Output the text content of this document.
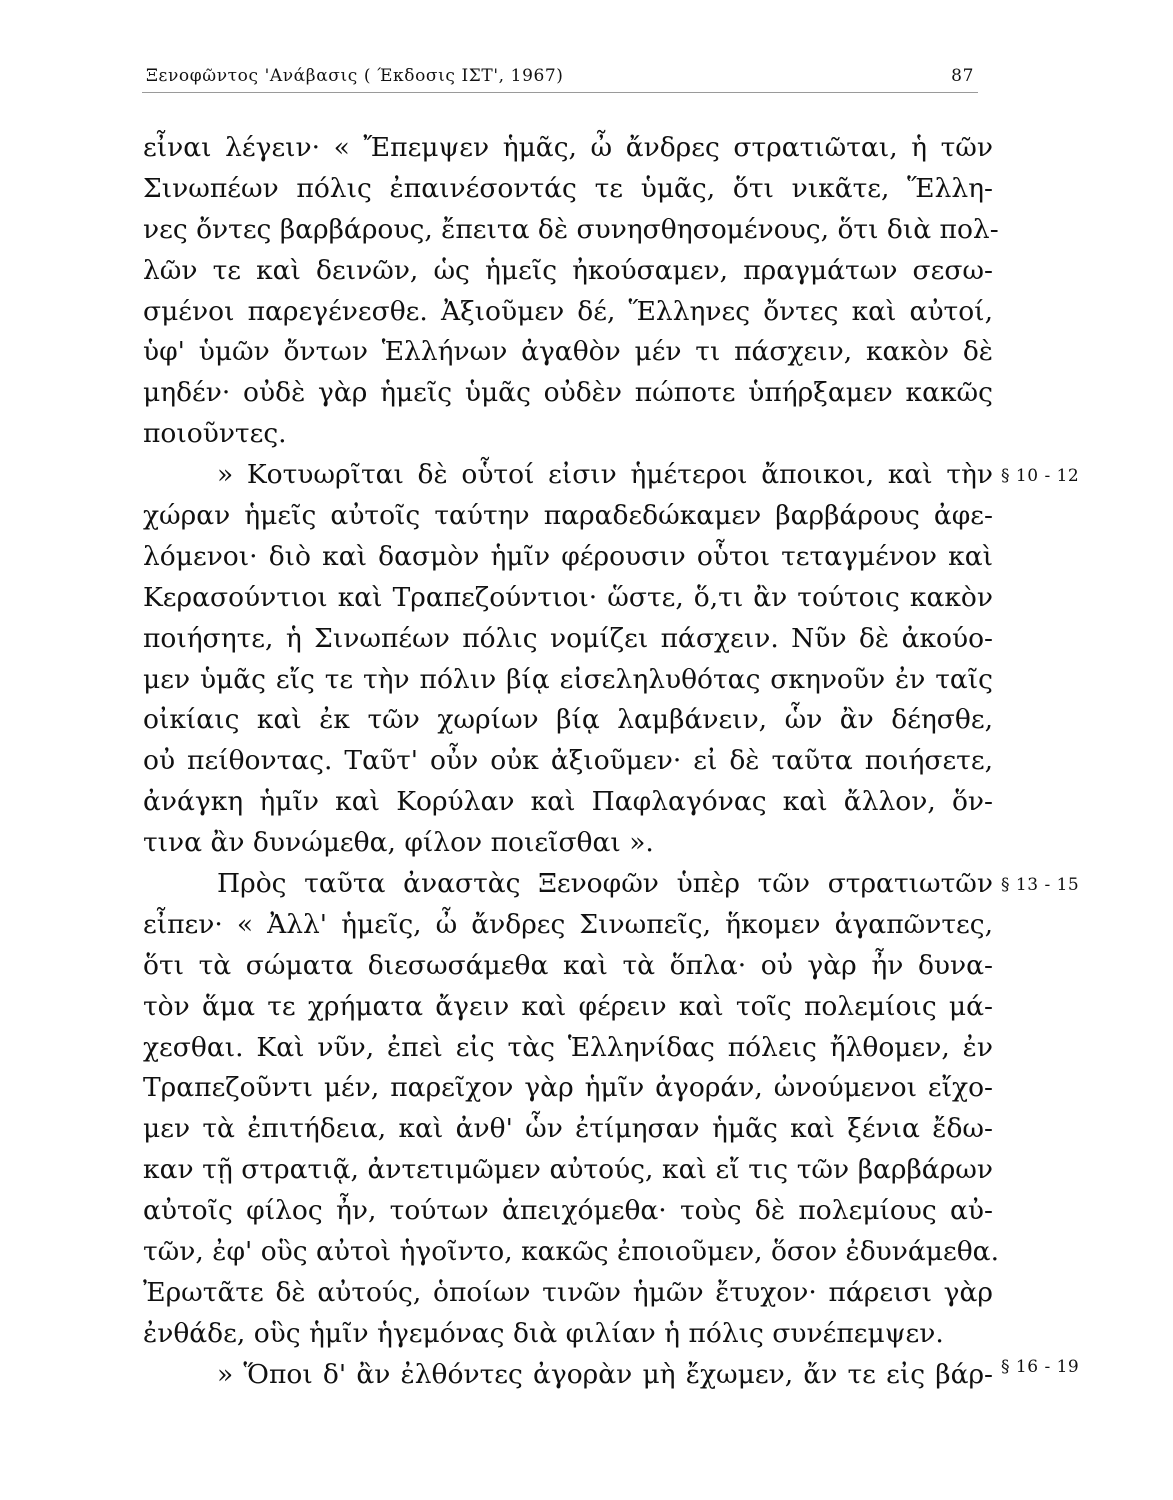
Ξενοφῶντος 'Ανάβασις ( Έκδοσις ΙΣΤ', 1967)	87
εἶναι λέγειν· « Ἔπεμψεν ἡμᾶς, ὦ ἄνδρες στρατιῶται, ἡ τῶν
Σινωπέων πόλις ἐπαινέσοντάς τε ὑμᾶς, ὅτι νικᾶτε, Ἕλλη-
νες ὄντες βαρβάρους, ἔπειτα δὲ συνησθησομένους, ὅτι διὰ πολ-
λῶν τε καὶ δεινῶν, ὡς ἡμεῖς ἠκούσαμεν, πραγμάτων σεσω-
σμένοι παρεγένεσθε. Ἀξιοῦμεν δέ, Ἕλληνες ὄντες καὶ αὐτοί,
ὑφ' ὑμῶν ὄντων Ἑλλήνων ἀγαθὸν μέν τι πάσχειν, κακὸν δὲ
μηδέν· οὐδὲ γὰρ ἡμεῖς ὑμᾶς οὐδὲν πώποτε ὑπήρξαμεν κακῶς
ποιοῦντες.
» Κοτυωρῖται δὲ οὗτοί εἰσιν ἡμέτεροι ἄποικοι, καὶ τὴν
χώραν ἡμεῖς αὐτοῖς ταύτην παραδεδώκαμεν βαρβάρους ἀφε-
λόμενοι· διὸ καὶ δασμὸν ἡμῖν φέρουσιν οὗτοι τεταγμένον καὶ
Κερασούντιοι καὶ Τραπεζούντιοι· ὥστε, ὅ,τι ἂν τούτοις κακὸν
ποιήσητε, ἡ Σινωπέων πόλις νομίζει πάσχειν. Νῦν δὲ ἀκούο-
μεν ὑμᾶς εἴς τε τὴν πόλιν βίᾳ εἰσεληλυθότας σκηνοῦν ἐν ταῖς
οἰκίαις καὶ ἐκ τῶν χωρίων βίᾳ λαμβάνειν, ὧν ἂν δέησθε,
οὐ πείθοντας. Ταῦτ' οὖν οὐκ ἀξιοῦμεν· εἰ δὲ ταῦτα ποιήσετε,
ἀνάγκη ἡμῖν καὶ Κορύλαν καὶ Παφλαγόνας καὶ ἄλλον, ὅν-
τινα ἂν δυνώμεθα, φίλον ποιεῖσθαι ».
Πρὸς ταῦτα ἀναστὰς Ξενοφῶν ὑπὲρ τῶν στρατιωτῶν
εἶπεν· « Ἀλλ' ἡμεῖς, ὦ ἄνδρες Σινωπεῖς, ἥκομεν ἀγαπῶντες,
ὅτι τὰ σώματα διεσωσάμεθα καὶ τὰ ὅπλα· οὐ γὰρ ἦν δυνα-
τὸν ἅμα τε χρήματα ἄγειν καὶ φέρειν καὶ τοῖς πολεμίοις μά-
χεσθαι. Καὶ νῦν, ἐπεὶ εἰς τὰς Ἑλληνίδας πόλεις ἤλθομεν, ἐν
Τραπεζοῦντι μέν, παρεῖχον γὰρ ἡμῖν ἀγοράν, ὠνούμενοι εἴχο-
μεν τὰ ἐπιτήδεια, καὶ ἀνθ' ὧν ἐτίμησαν ἡμᾶς καὶ ξένια ἔδω-
καν τῇ στρατιᾷ, ἀντετιμῶμεν αὐτούς, καὶ εἴ τις τῶν βαρβάρων
αὐτοῖς φίλος ἦν, τούτων ἀπειχόμεθα· τοὺς δὲ πολεμίους αὐ-
τῶν, ἐφ' οὓς αὐτοὶ ἡγοῖντο, κακῶς ἐποιοῦμεν, ὅσον ἐδυνάμεθα.
Ἐρωτᾶτε δὲ αὐτούς, ὁποίων τινῶν ἡμῶν ἔτυχον· πάρεισι γὰρ
ἐνθάδε, οὓς ἡμῖν ἡγεμόνας διὰ φιλίαν ἡ πόλις συνέπεμψεν.
» Ὅποι δ' ἂν ἐλθόντες ἀγορὰν μὴ ἔχωμεν, ἄν τε εἰς βάρ-
§ 10 - 12
§ 13 - 15
§ 16 - 19
